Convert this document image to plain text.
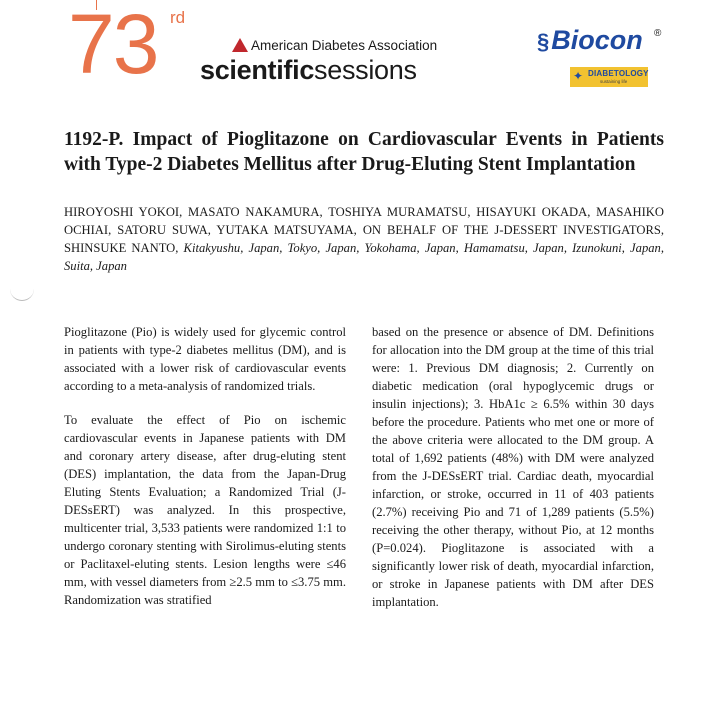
73 rd
American Diabetes Association
scientificsessions
§Biocon ®
✦ DIABETOLOGY
sustaining life
1192-P. Impact of Pioglitazone on Cardiovascular Events in Patients with Type-2 Diabetes Mellitus after Drug-Eluting Stent Implantation

HIROYOSHI YOKOI, MASATO NAKAMURA, TOSHIYA MURAMATSU, HISAYUKI OKADA, MASAHIKO OCHIAI, SATORU SUWA, YUTAKA MATSUYAMA, ON BEHALF OF THE J-DESSERT INVESTIGATORS, SHINSUKE NANTO, Kitakyushu, Japan, Tokyo, Japan, Yokohama, Japan, Hamamatsu, Japan, Izunokuni, Japan, Suita, Japan

Pioglitazone (Pio) is widely used for glycemic control in patients with type-2 diabetes mellitus (DM), and is associated with a lower risk of cardiovascular events according to a meta-analysis of randomized trials.

To evaluate the effect of Pio on ischemic cardiovascular events in Japanese patients with DM and coronary artery disease, after drug-eluting stent (DES) implantation, the data from the Japan-Drug Eluting Stents Evaluation; a Randomized Trial (J-DESsERT) was analyzed. In this prospective, multicenter trial, 3,533 patients were randomized 1:1 to undergo coronary stenting with Sirolimus-eluting stents or Paclitaxel-eluting stents. Lesion lengths were ≤46 mm, with vessel diameters from ≥2.5 mm to ≤3.75 mm. Randomization was stratified

based on the presence or absence of DM. Definitions for allocation into the DM group at the time of this trial were: 1. Previous DM diagnosis; 2. Currently on diabetic medication (oral hypoglycemic drugs or insulin injections); 3. HbA1c ≥ 6.5% within 30 days before the procedure. Patients who met one or more of the above criteria were allocated to the DM group. A total of 1,692 patients (48%) with DM were analyzed from the J-DESsERT trial. Cardiac death, myocardial infarction, or stroke, occurred in 11 of 403 patients (2.7%) receiving Pio and 71 of 1,289 patients (5.5%) receiving the other therapy, without Pio, at 12 months (P=0.024). Pioglitazone is associated with a significantly lower risk of death, myocardial infarction, or stroke in Japanese patients with DM after DES implantation.
